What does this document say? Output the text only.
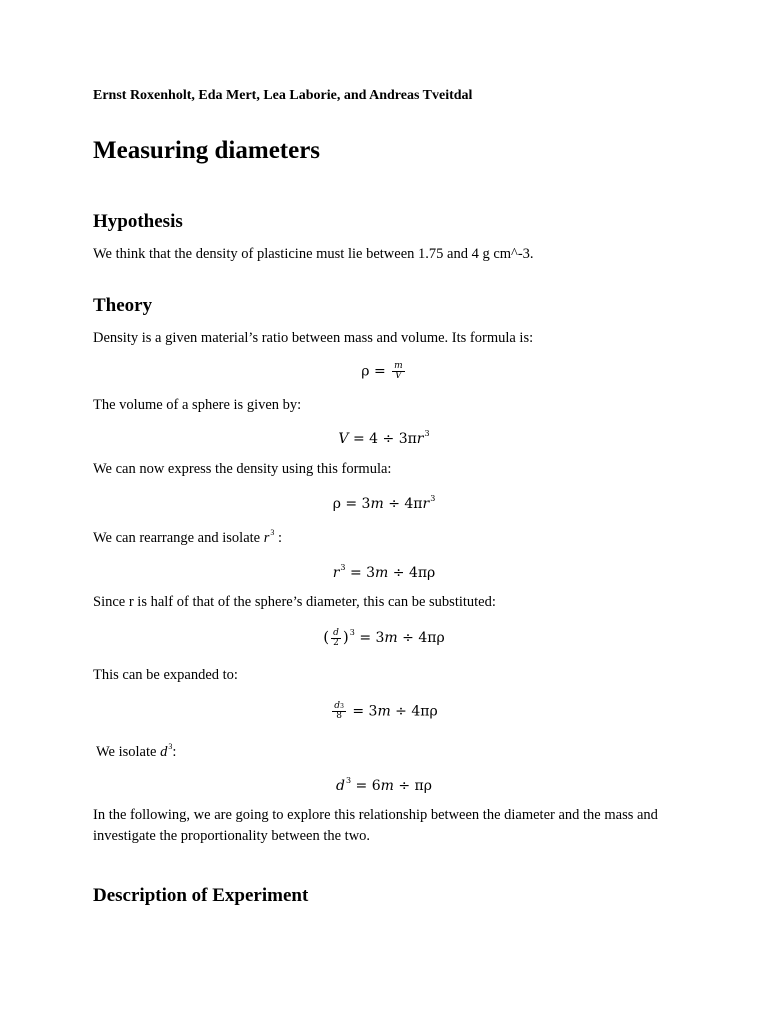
Ernst Roxenholt, Eda Mert, Lea Laborie, and Andreas Tveitdal
Measuring diameters
Hypothesis

We think that the density of plasticine must lie between 1.75 and 4 g cm^-3.

Theory

Density is a given material’s ratio between mass and volume. Its formula is:

$\rho = \frac{m}{V}$

The volume of a sphere is given by:

$V = 4 \div 3\pi r^3$

We can now express the density using this formula:

$\rho = 3m \div 4\pi r^3$

We can rearrange and isolate $r^3$ :

$r^3 = 3m \div 4\pi\rho$

Since r is half of that of the sphere’s diameter, this can be substituted:

( $\frac{d}{2} )^3 = 3m \div 4\pi\rho$

This can be expanded to:

$\frac{d^3}{8} = 3m \div 4\pi\rho$

We isolate $d^3$:

$d^3 = 6m \div \pi\rho$

In the following, we are going to explore this relationship between the diameter and the mass and investigate the proportionality between the two.

Description of Experiment
